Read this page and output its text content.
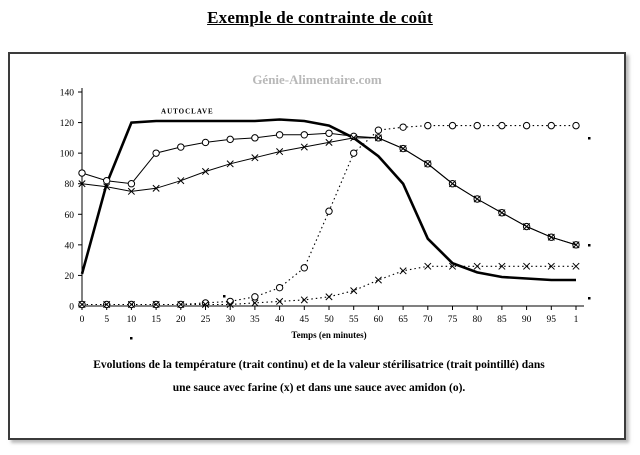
Exemple de contrainte de coût
Génie-Alimentaire.com
0
20
40
60
80
100
120
140
0 5 10 15 20 25 30 35 40 45 50 55 60 65 70 75 80 85 90 95 1
Temps (en minutes)
AUTOCLAVE
Evolutions de la température (trait continu) et de la valeur stérilisatrice (trait pointillé) dans
une sauce avec farine (x) et dans une sauce avec amidon (o).
